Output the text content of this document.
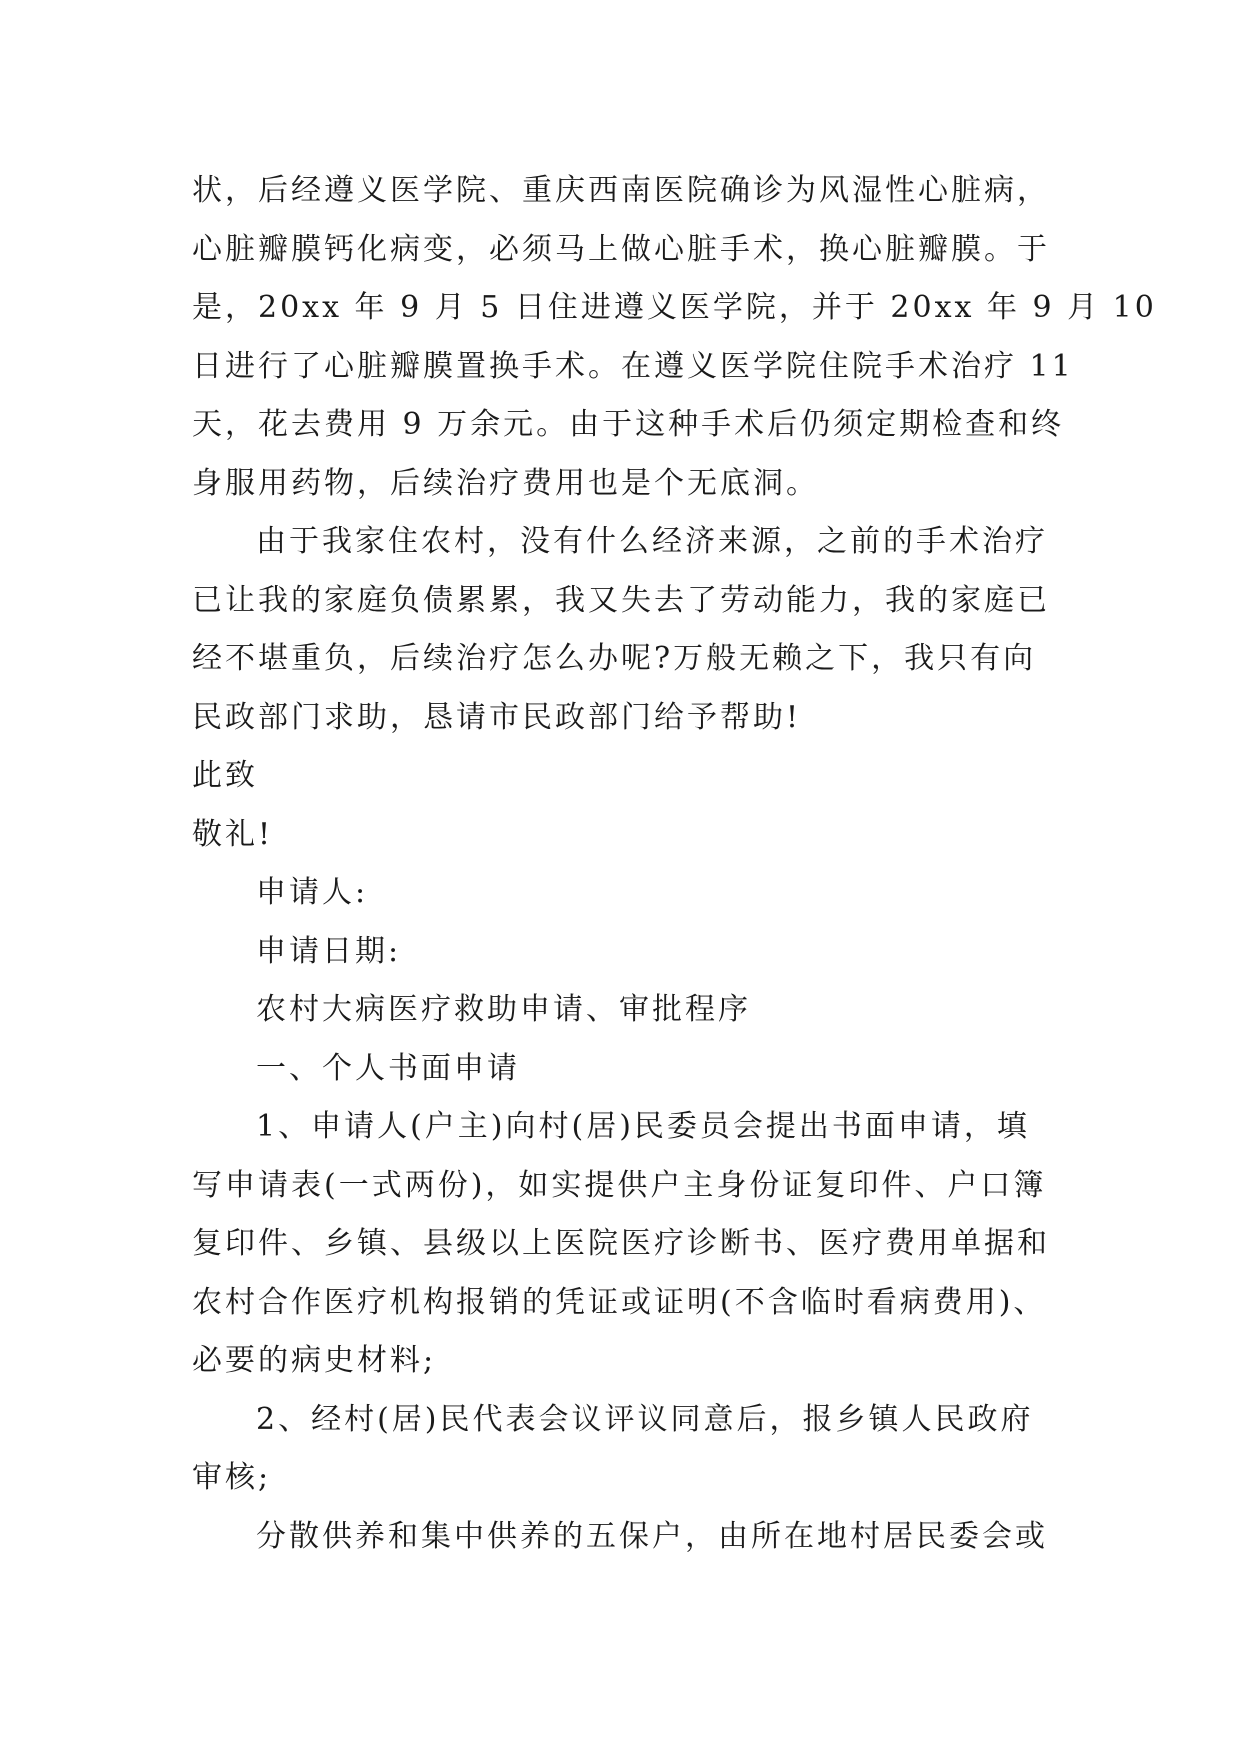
状，后经遵义医学院、重庆西南医院确诊为风湿性心脏病，
心脏瓣膜钙化病变，必须马上做心脏手术，换心脏瓣膜。于
是，20xx 年 9 月 5 日住进遵义医学院，并于 20xx 年 9 月 10
日进行了心脏瓣膜置换手术。在遵义医学院住院手术治疗 11
天，花去费用 9 万余元。由于这种手术后仍须定期检查和终
身服用药物，后续治疗费用也是个无底洞。
由于我家住农村，没有什么经济来源，之前的手术治疗
已让我的家庭负债累累，我又失去了劳动能力，我的家庭已
经不堪重负，后续治疗怎么办呢?万般无赖之下，我只有向
民政部门求助，恳请市民政部门给予帮助!
此致
敬礼!
申请人:
申请日期:
农村大病医疗救助申请、审批程序
一、个人书面申请
1、申请人(户主)向村(居)民委员会提出书面申请，填
写申请表(一式两份)，如实提供户主身份证复印件、户口簿
复印件、乡镇、县级以上医院医疗诊断书、医疗费用单据和
农村合作医疗机构报销的凭证或证明(不含临时看病费用)、
必要的病史材料;
2、经村(居)民代表会议评议同意后，报乡镇人民政府
审核;
分散供养和集中供养的五保户，由所在地村居民委会或
